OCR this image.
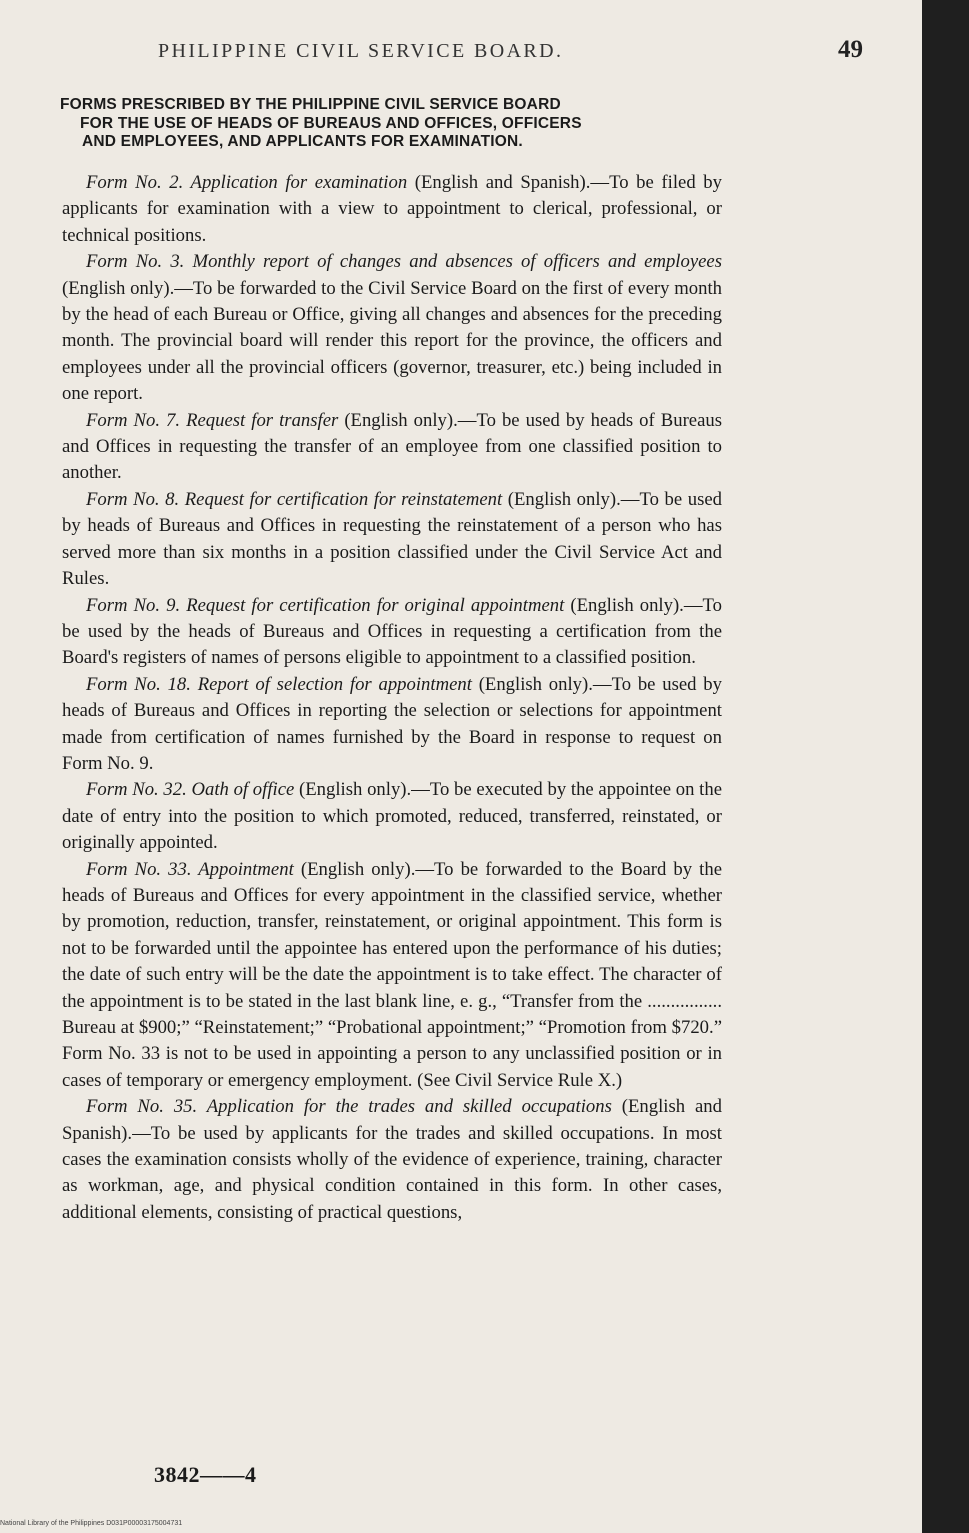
PHILIPPINE CIVIL SERVICE BOARD.	49
FORMS PRESCRIBED BY THE PHILIPPINE CIVIL SERVICE BOARD
FOR THE USE OF HEADS OF BUREAUS AND OFFICES, OFFICERS
AND EMPLOYEES, AND APPLICANTS FOR EXAMINATION.

Form No. 2. Application for examination (English and Spanish).—To be filed by applicants for examination with a view to appointment to clerical, professional, or technical positions.

Form No. 3. Monthly report of changes and absences of officers and employees (English only).—To be forwarded to the Civil Service Board on the first of every month by the head of each Bureau or Office, giving all changes and absences for the preceding month. The provincial board will render this report for the province, the officers and employees under all the provincial officers (governor, treasurer, etc.) being included in one report.

Form No. 7. Request for transfer (English only).—To be used by heads of Bureaus and Offices in requesting the transfer of an employee from one classified position to another.

Form No. 8. Request for certification for reinstatement (English only).—To be used by heads of Bureaus and Offices in requesting the reinstatement of a person who has served more than six months in a position classified under the Civil Service Act and Rules.

Form No. 9. Request for certification for original appointment (English only).—To be used by the heads of Bureaus and Offices in requesting a certification from the Board's registers of names of persons eligible to appointment to a classified position.

Form No. 18. Report of selection for appointment (English only).—To be used by heads of Bureaus and Offices in reporting the selection or selections for appointment made from certification of names furnished by the Board in response to request on Form No. 9.

Form No. 32. Oath of office (English only).—To be executed by the appointee on the date of entry into the position to which promoted, reduced, transferred, reinstated, or originally appointed.

Form No. 33. Appointment (English only).—To be forwarded to the Board by the heads of Bureaus and Offices for every appointment in the classified service, whether by promotion, reduction, transfer, reinstatement, or original appointment. This form is not to be forwarded until the appointee has entered upon the performance of his duties; the date of such entry will be the date the appointment is to take effect. The character of the appointment is to be stated in the last blank line, e. g., “Transfer from the ................ Bureau at $900;” “Reinstatement;” “Probational appointment;” “Promotion from $720.” Form No. 33 is not to be used in appointing a person to any unclassified position or in cases of temporary or emergency employment. (See Civil Service Rule X.)

Form No. 35. Application for the trades and skilled occupations (English and Spanish).—To be used by applicants for the trades and skilled occupations. In most cases the examination consists wholly of the evidence of experience, training, character as workman, age, and physical condition contained in this form. In other cases, additional elements, consisting of practical questions,

3842——4
National Library of the Philippines D031P00003175004731
